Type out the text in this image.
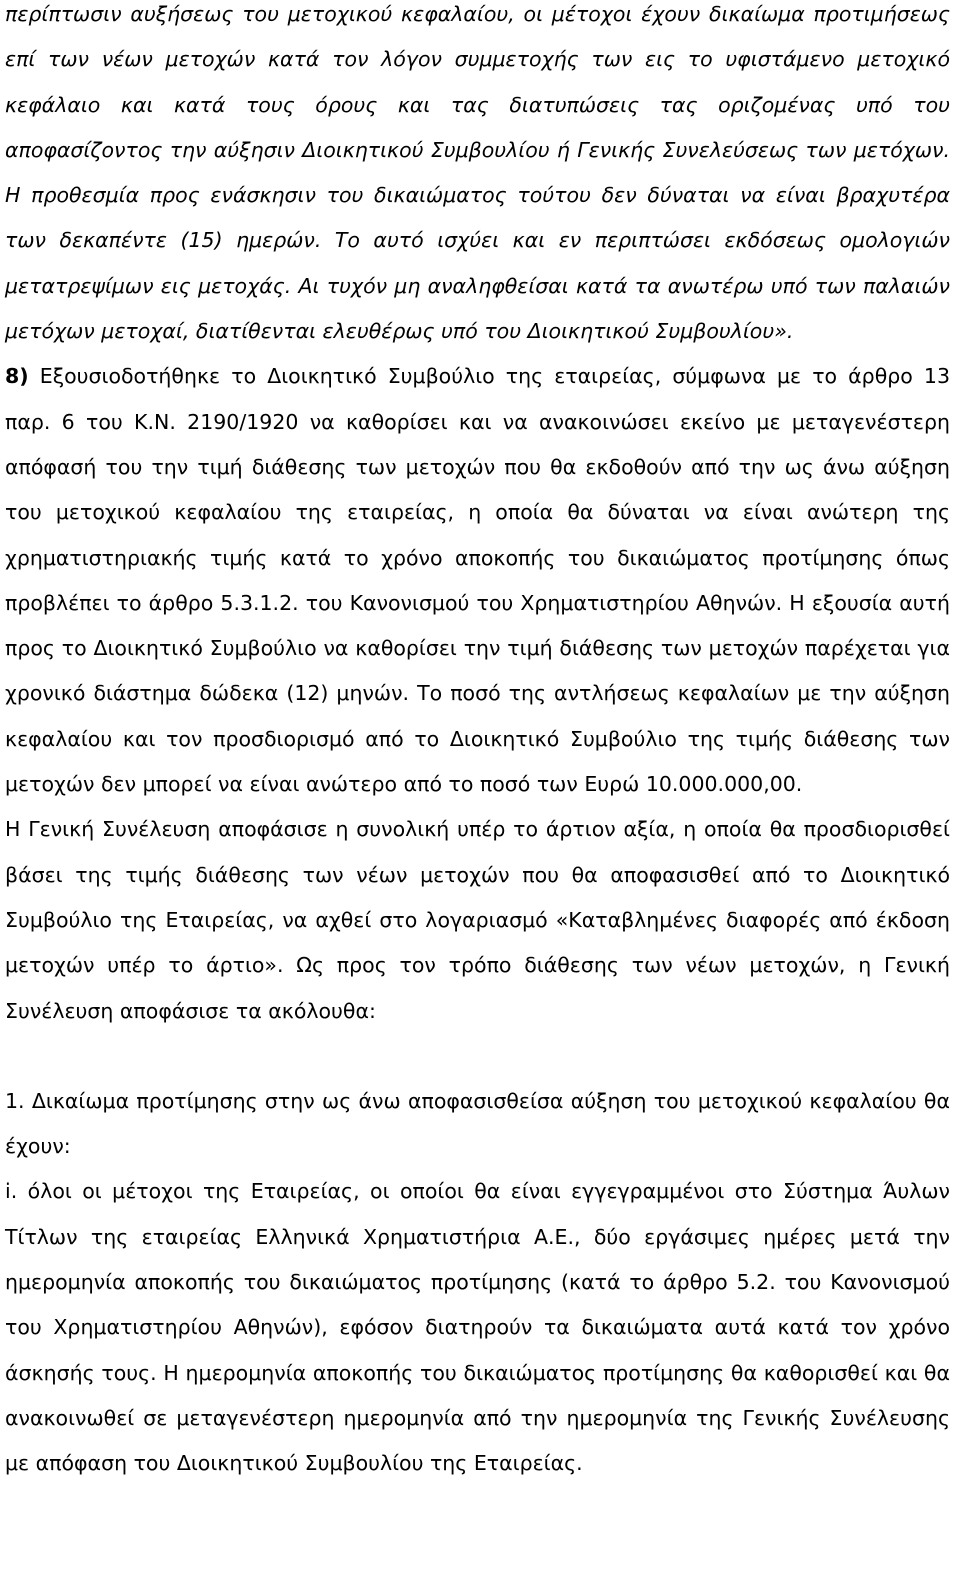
περίπτωσιν αυξήσεως του μετοχικού κεφαλαίου, οι μέτοχοι έχουν δικαίωμα προτιμήσεως επί των νέων μετοχών κατά τον λόγον συμμετοχής των εις το υφιστάμενο μετοχικό κεφάλαιο και κατά τους όρους και τας διατυπώσεις τας οριζομένας υπό του αποφασίζοντος την αύξησιν Διοικητικού Συμβουλίου ή Γενικής Συνελεύσεως των μετόχων. Η προθεσμία προς ενάσκησιν του δικαιώματος τούτου δεν δύναται να είναι βραχυτέρα των δεκαπέντε (15) ημερών. Το αυτό ισχύει και εν περιπτώσει εκδόσεως ομολογιών μετατρεψίμων εις μετοχάς. Αι τυχόν μη αναληφθείσαι κατά τα ανωτέρω υπό των παλαιών μετόχων μετοχαί, διατίθενται ελευθέρως υπό του Διοικητικού Συμβουλίου».

8) Εξουσιοδοτήθηκε το Διοικητικό Συμβούλιο της εταιρείας, σύμφωνα με το άρθρο 13 παρ. 6 του Κ.Ν. 2190/1920 να καθορίσει και να ανακοινώσει εκείνο με μεταγενέστερη απόφασή του την τιμή διάθεσης των μετοχών που θα εκδοθούν από την ως άνω αύξηση του μετοχικού κεφαλαίου της εταιρείας, η οποία θα δύναται να είναι ανώτερη της χρηματιστηριακής τιμής κατά το χρόνο αποκοπής του δικαιώματος προτίμησης όπως προβλέπει το άρθρο 5.3.1.2. του Κανονισμού του Χρηματιστηρίου Αθηνών. Η εξουσία αυτή προς το Διοικητικό Συμβούλιο να καθορίσει την τιμή διάθεσης των μετοχών παρέχεται για χρονικό διάστημα δώδεκα (12) μηνών. Το ποσό της αντλήσεως κεφαλαίων με την αύξηση κεφαλαίου και τον προσδιορισμό από το Διοικητικό Συμβούλιο της τιμής διάθεσης των μετοχών δεν μπορεί να είναι ανώτερο από το ποσό των Ευρώ 10.000.000,00.

Η Γενική Συνέλευση αποφάσισε η συνολική υπέρ το άρτιον αξία, η οποία θα προσδιορισθεί βάσει της τιμής διάθεσης των νέων μετοχών που θα αποφασισθεί από το Διοικητικό Συμβούλιο της Εταιρείας, να αχθεί στο λογαριασμό «Καταβλημένες διαφορές από έκδοση μετοχών υπέρ το άρτιο». Ως προς τον τρόπο διάθεσης των νέων μετοχών, η Γενική Συνέλευση αποφάσισε τα ακόλουθα:

1. Δικαίωμα προτίμησης στην ως άνω αποφασισθείσα αύξηση του μετοχικού κεφαλαίου θα έχουν:

i. όλοι οι μέτοχοι της Εταιρείας, οι οποίοι θα είναι εγγεγραμμένοι στο Σύστημα Άυλων Τίτλων της εταιρείας Ελληνικά Χρηματιστήρια Α.Ε., δύο εργάσιμες ημέρες μετά την ημερομηνία αποκοπής του δικαιώματος προτίμησης (κατά το άρθρο 5.2. του Κανονισμού του Χρηματιστηρίου Αθηνών), εφόσον διατηρούν τα δικαιώματα αυτά κατά τον χρόνο άσκησής τους. Η ημερομηνία αποκοπής του δικαιώματος προτίμησης θα καθορισθεί και θα ανακοινωθεί σε μεταγενέστερη ημερομηνία από την ημερομηνία της Γενικής Συνέλευσης με απόφαση του Διοικητικού Συμβουλίου της Εταιρείας.
